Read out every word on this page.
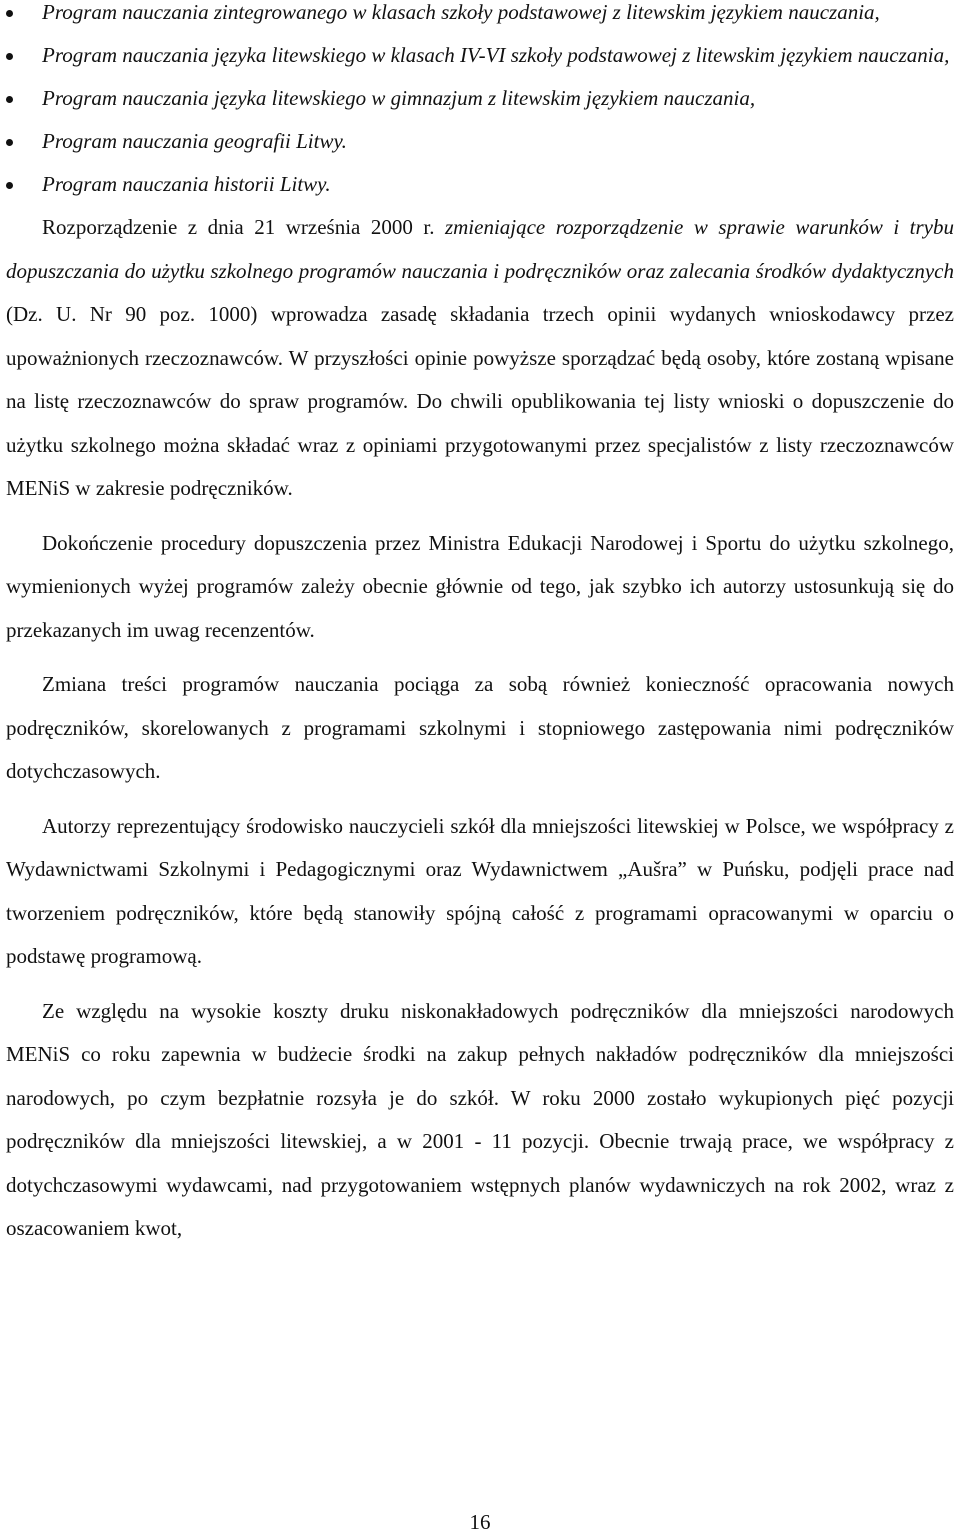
Program nauczania zintegrowanego w klasach szkoły podstawowej z litewskim językiem nauczania,
Program nauczania języka litewskiego w klasach IV-VI szkoły podstawowej z litewskim językiem nauczania,
Program nauczania języka litewskiego w gimnazjum z litewskim językiem nauczania,
Program nauczania geografii Litwy.
Program nauczania historii Litwy.

Rozporządzenie z dnia 21 września 2000 r. zmieniające rozporządzenie w sprawie warunków i trybu dopuszczania do użytku szkolnego programów nauczania i podręczników oraz zalecania środków dydaktycznych (Dz. U. Nr 90 poz. 1000) wprowadza zasadę składania trzech opinii wydanych wnioskodawcy przez upoważnionych rzeczoznawców. W przyszłości opinie powyższe sporządzać będą osoby, które zostaną wpisane na listę rzeczoznawców do spraw programów. Do chwili opublikowania tej listy wnioski o dopuszczenie do użytku szkolnego można składać wraz z opiniami przygotowanymi przez specjalistów z listy rzeczoznawców MENiS w zakresie podręczników.

Dokończenie procedury dopuszczenia przez Ministra Edukacji Narodowej i Sportu do użytku szkolnego, wymienionych wyżej programów zależy obecnie głównie od tego, jak szybko ich autorzy ustosunkują się do przekazanych im uwag recenzentów.

Zmiana treści programów nauczania pociąga za sobą również konieczność opracowania nowych podręczników, skorelowanych z programami szkolnymi i stopniowego zastępowania nimi podręczników dotychczasowych.

Autorzy reprezentujący środowisko nauczycieli szkół dla mniejszości litewskiej w Polsce, we współpracy z Wydawnictwami Szkolnymi i Pedagogicznymi oraz Wydawnictwem „Aušra” w Puńsku, podjęli prace nad tworzeniem podręczników, które będą stanowiły spójną całość z programami opracowanymi w oparciu o podstawę programową.

Ze względu na wysokie koszty druku niskonakładowych podręczników dla mniejszości narodowych MENiS co roku zapewnia w budżecie środki na zakup pełnych nakładów podręczników dla mniejszości narodowych, po czym bezpłatnie rozsyła je do szkół. W roku 2000 zostało wykupionych pięć pozycji podręczników dla mniejszości litewskiej, a w 2001 - 11 pozycji. Obecnie trwają prace, we współpracy z dotychczasowymi wydawcami, nad przygotowaniem wstępnych planów wydawniczych na rok 2002, wraz z oszacowaniem kwot,

16
